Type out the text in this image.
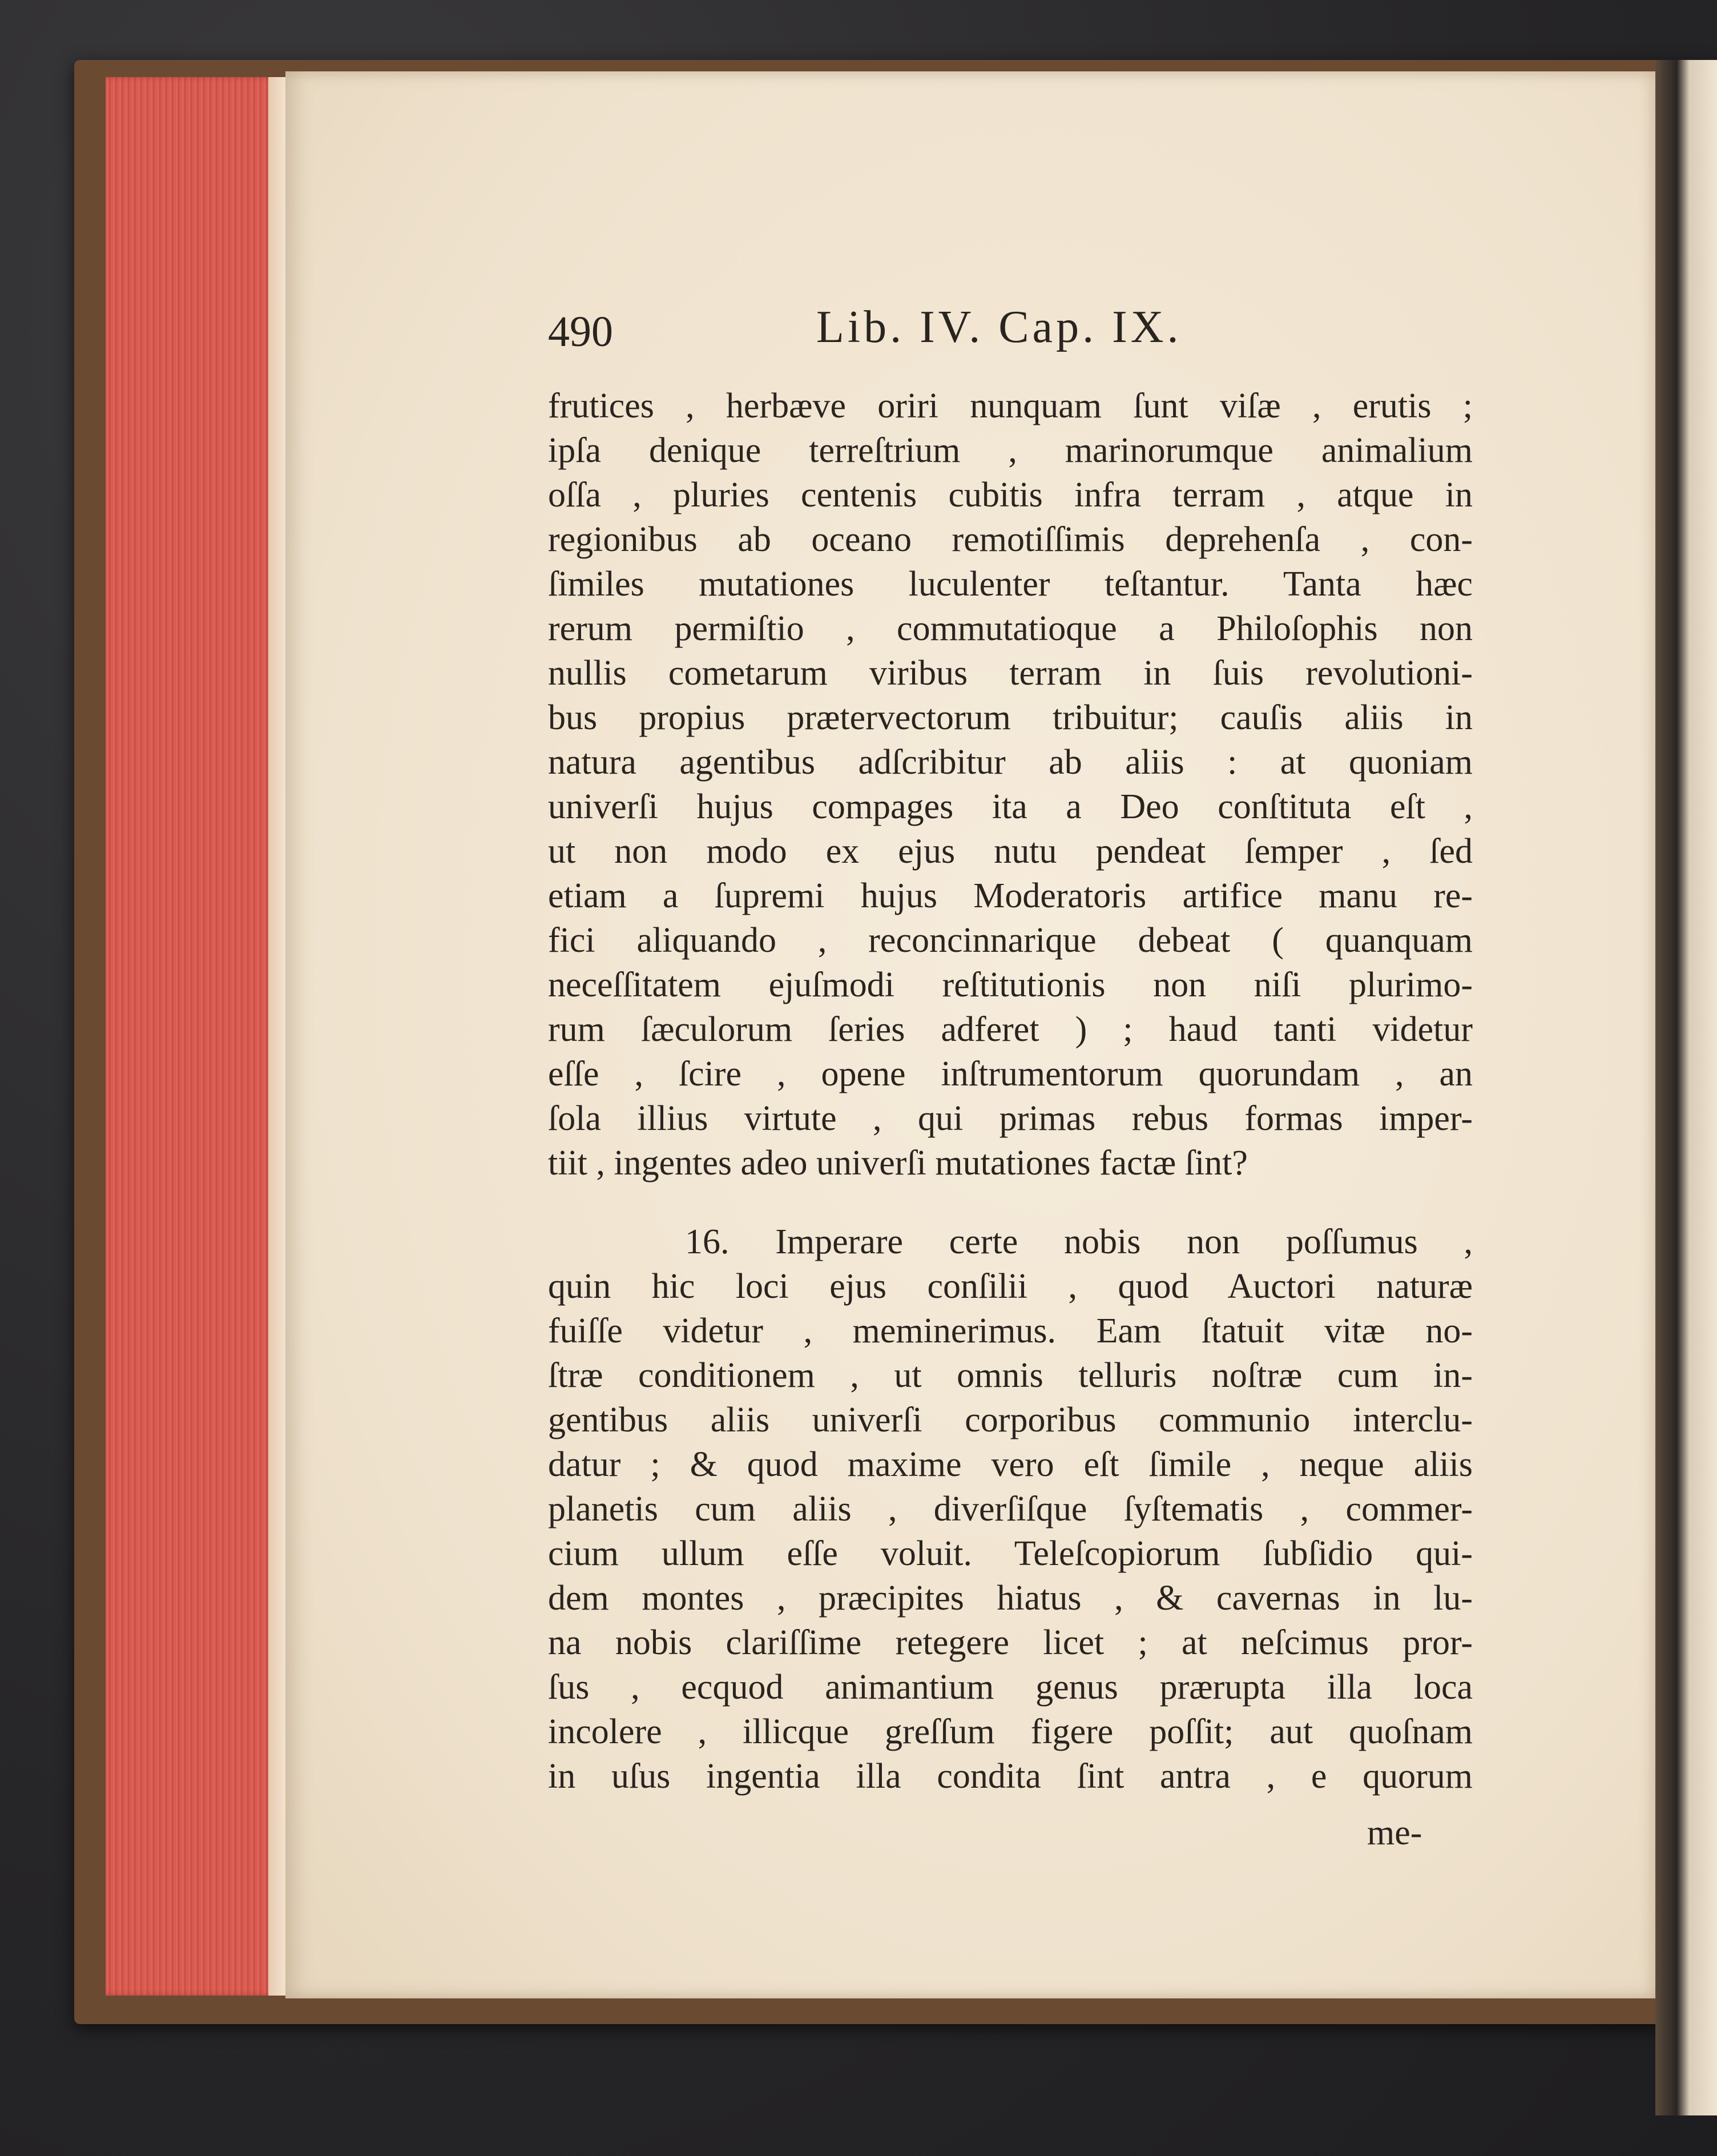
490	Lib. IV. Cap. IX.
frutices , herbæve oriri nunquam ſunt viſæ , erutis ;
ipſa denique terreſtrium , marinorumque animalium
oſſa , pluries centenis cubitis infra terram , atque in
regionibus ab oceano remotiſſimis deprehenſa , con-
ſimiles mutationes luculenter teſtantur. Tanta hæc
rerum permiſtio , commutatioque a Philoſophis non
nullis cometarum viribus terram in ſuis revolutioni-
bus propius prætervectorum tribuitur; cauſis aliis in
natura agentibus adſcribitur ab aliis : at quoniam
univerſi hujus compages ita a Deo conſtituta eſt ,
ut non modo ex ejus nutu pendeat ſemper , ſed
etiam a ſupremi hujus Moderatoris artifice manu re-
fici aliquando , reconcinnarique debeat ( quanquam
neceſſitatem ejuſmodi reſtitutionis non niſi plurimo-
rum ſæculorum ſeries adferet ) ; haud tanti videtur
eſſe , ſcire , opene inſtrumentorum quorundam , an
ſola illius virtute , qui primas rebus formas imper-
tiit , ingentes adeo univerſi mutationes factæ ſint?
16. Imperare certe nobis non poſſumus ,
quin hic loci ejus conſilii , quod Auctori naturæ
fuiſſe videtur , meminerimus. Eam ſtatuit vitæ no-
ſtræ conditionem , ut omnis telluris noſtræ cum in-
gentibus aliis univerſi corporibus communio interclu-
datur ; & quod maxime vero eſt ſimile , neque aliis
planetis cum aliis , diverſiſque ſyſtematis , commer-
cium ullum eſſe voluit. Teleſcopiorum ſubſidio qui-
dem montes , præcipites hiatus , & cavernas in lu-
na nobis clariſſime retegere licet ; at neſcimus pror-
ſus , ecquod animantium genus prærupta illa loca
incolere , illicque greſſum figere poſſit; aut quoſnam
in uſus ingentia illa condita ſint antra , e quorum
me-
